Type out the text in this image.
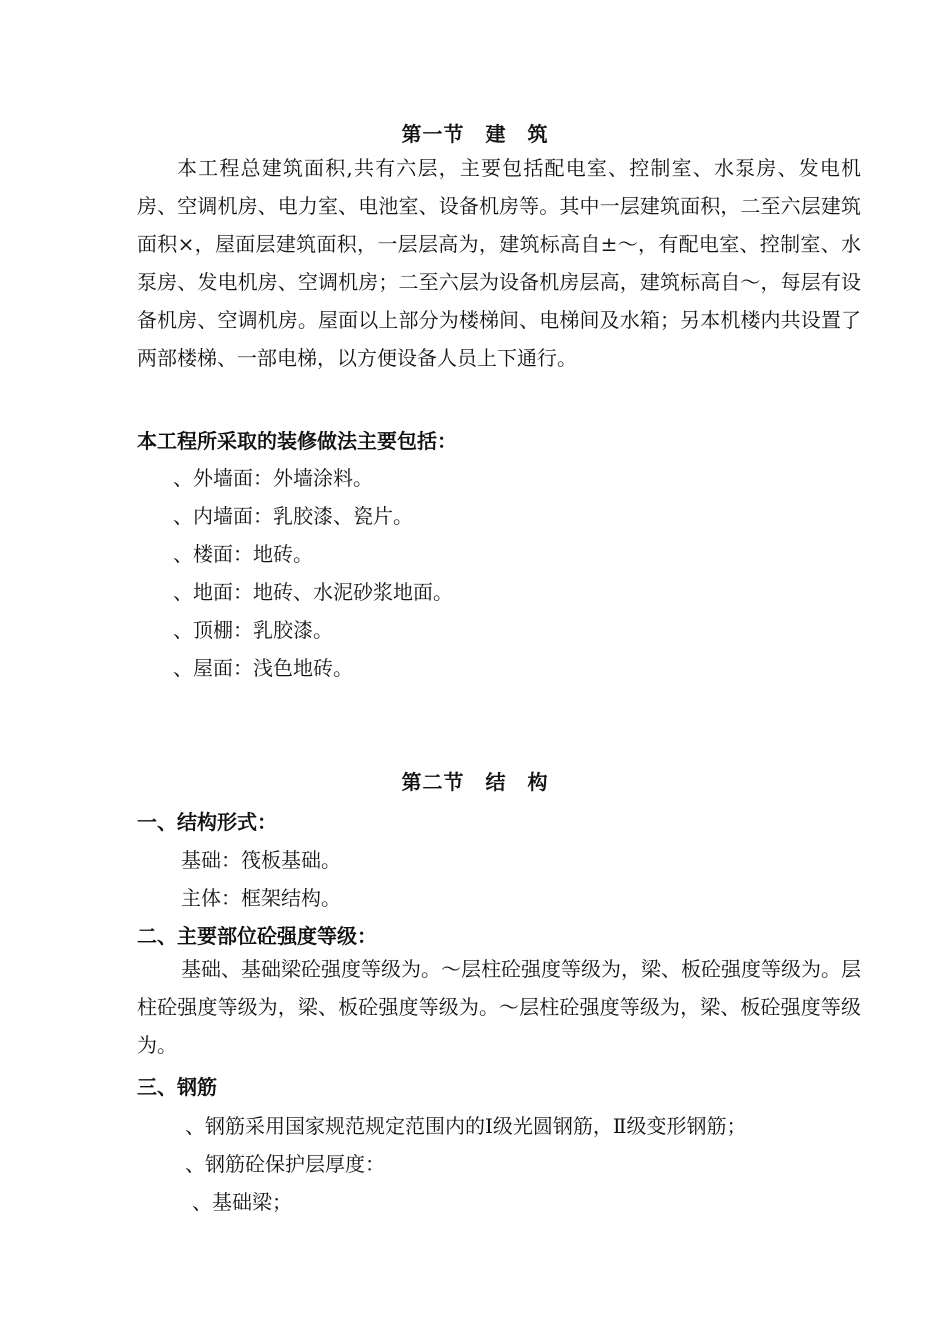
第一节　建　筑

本工程总建筑面积,共有六层，主要包括配电室、控制室、水泵房、发电机房、空调机房、电力室、电池室、设备机房等。其中一层建筑面积，二至六层建筑面积×，屋面层建筑面积，一层层高为，建筑标高自±～，有配电室、控制室、水泵房、发电机房、空调机房；二至六层为设备机房层高，建筑标高自～，每层有设备机房、空调机房。屋面以上部分为楼梯间、电梯间及水箱；另本机楼内共设置了两部楼梯、一部电梯，以方便设备人员上下通行。

本工程所采取的装修做法主要包括：

、外墙面：外墙涂料。

、内墙面：乳胶漆、瓷片。

、楼面：地砖。

、地面：地砖、水泥砂浆地面。

、顶棚：乳胶漆。

、屋面：浅色地砖。

第二节　结　构

一、结构形式：

基础：筏板基础。

主体：框架结构。

二、主要部位砼强度等级：

基础、基础梁砼强度等级为。～层柱砼强度等级为，梁、板砼强度等级为。层柱砼强度等级为，梁、板砼强度等级为。～层柱砼强度等级为，梁、板砼强度等级为。

三、钢筋

、钢筋采用国家规范规定范围内的Ⅰ级光圆钢筋，Ⅱ级变形钢筋；

、钢筋砼保护层厚度：

、基础梁；
